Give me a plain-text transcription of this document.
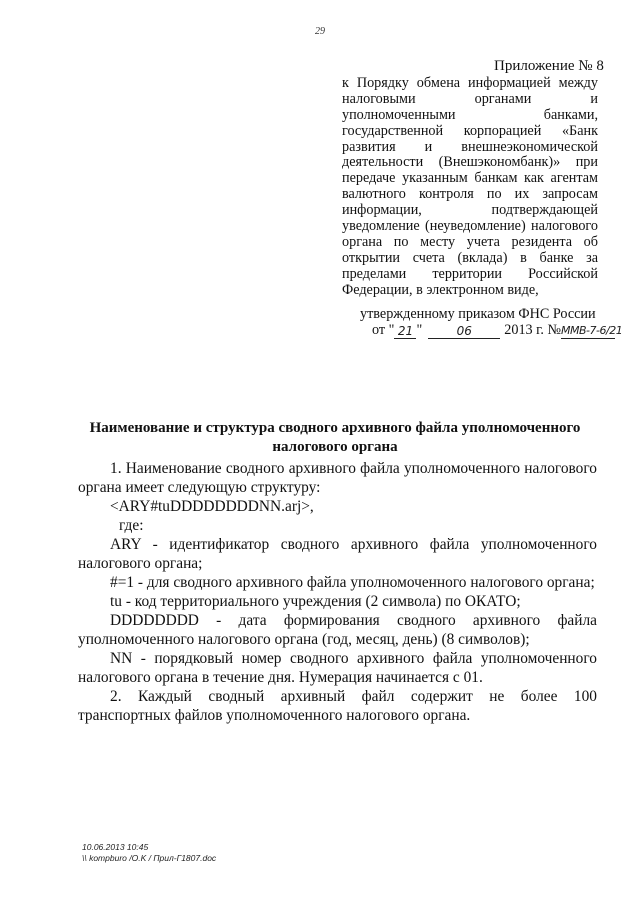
29
Приложение № 8
к Порядку обмена информацией между
налоговыми органами и
уполномоченными банками,
государственной корпорацией «Банк
развития и внешнеэкономической
деятельности (Внешэкономбанк)» при
передаче указанным банкам как агентам
валютного контроля по их запросам
информации, подтверждающей
уведомление (неуведомление) налогового
органа по месту учета резидента об
открытии счета (вклада) в банке за
пределами территории Российской
Федерации, в электронном виде,
утвержденному приказом ФНС России
от " 21 "	06	2013 г. № ММВ-7-6/21
Наименование и структура сводного архивного файла уполномоченного
налогового органа
1. Наименование сводного архивного файла уполномоченного налогового
органа имеет следующую структуру:
<ARY#tuDDDDDDDDNN.arj>,
где:
ARY - идентификатор сводного архивного файла уполномоченного
налогового органа;
#=1 - для сводного архивного файла уполномоченного налогового органа;
tu - код территориального учреждения (2 символа) по ОКАТО;
DDDDDDDD - дата формирования сводного архивного файла
уполномоченного налогового органа (год, месяц, день) (8 символов);
NN - порядковый номер сводного архивного файла уполномоченного
налогового органа в течение дня. Нумерация начинается с 01.
2. Каждый сводный архивный файл содержит не более 100
транспортных файлов уполномоченного налогового органа.
10.06.2013 10:45
\\ kompburo /O.K / Прил-Г1807.doc
